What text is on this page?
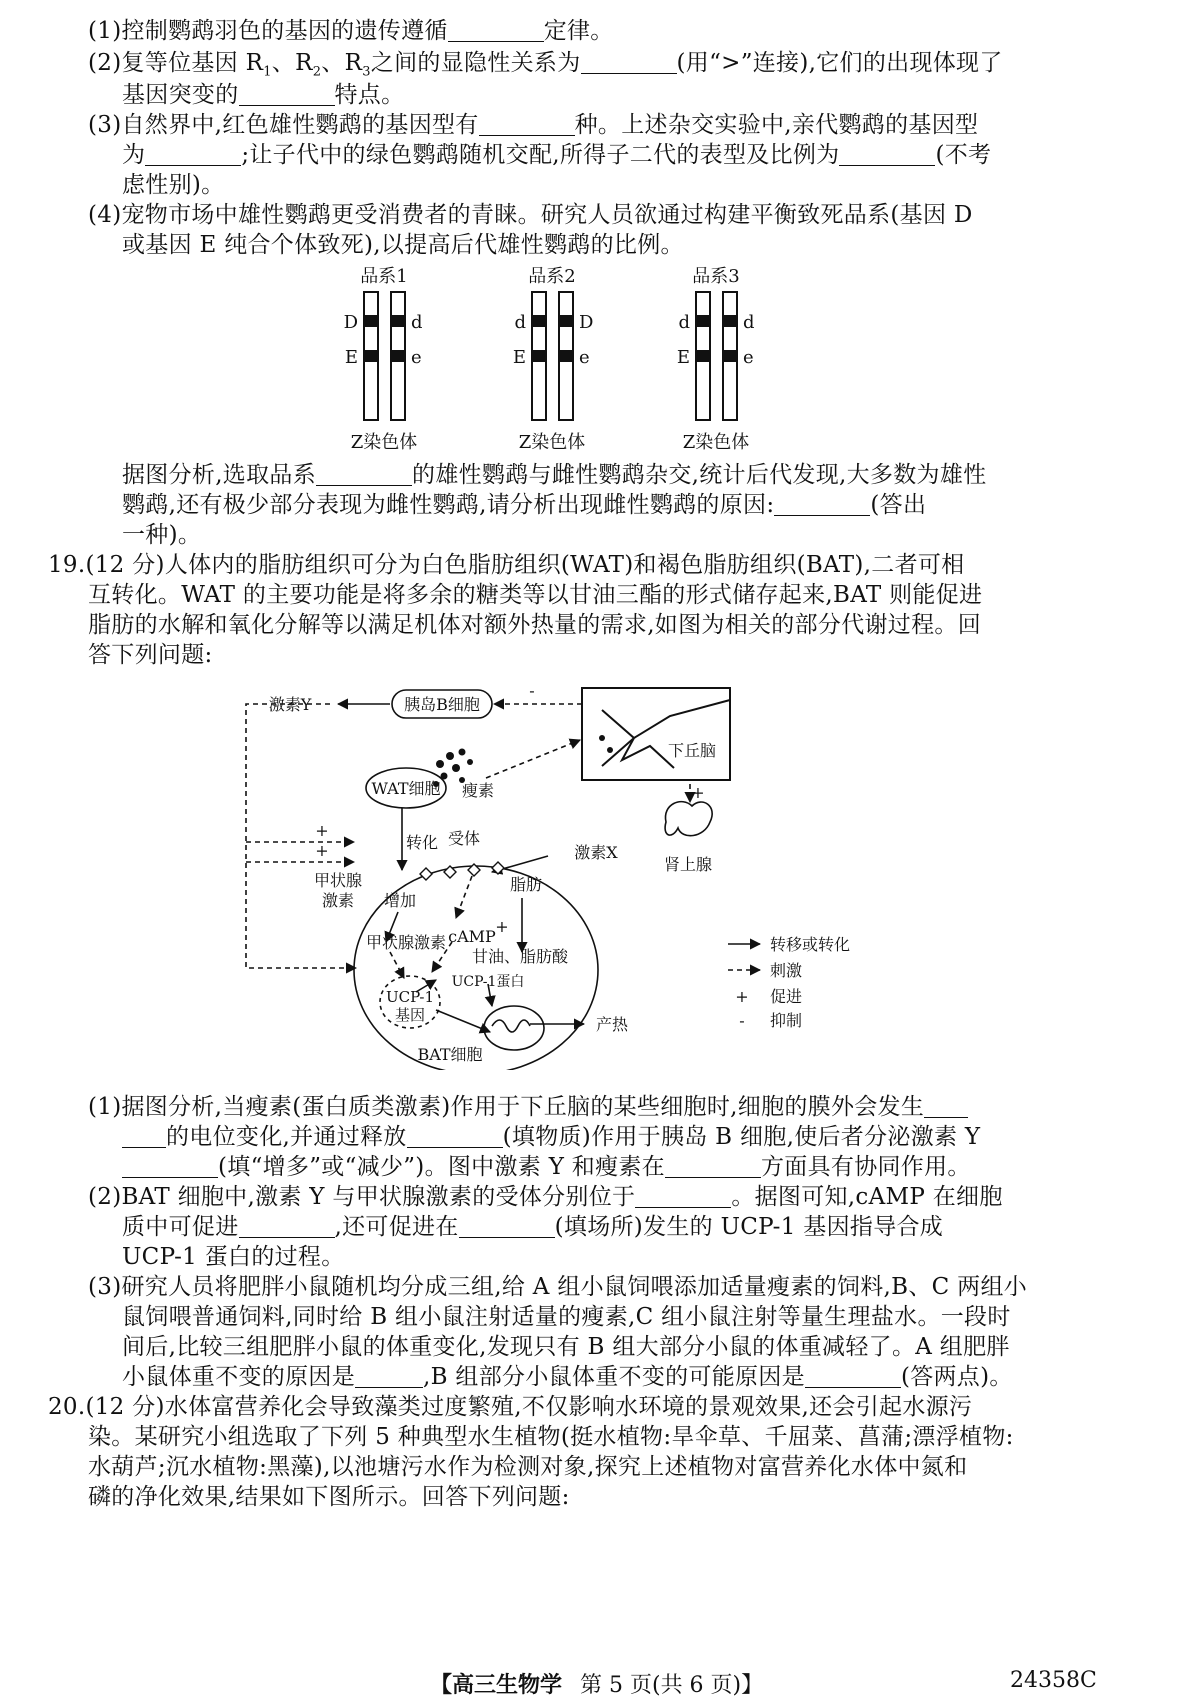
(1)控制鹦鹉羽色的基因的遗传遵循	定律。
(2)复等位基因 $R_1$、$R_2$、$R_3$之间的显隐性关系为	(用“>”连接),它们的出现体现了
基因突变的	特点。
(3)自然界中,红色雄性鹦鹉的基因型有	种。上述杂交实验中,亲代鹦鹉的基因型
为	;让子代中的绿色鹦鹉随机交配,所得子二代的表型及比例为	(不考
虑性别)。
(4)宠物市场中雄性鹦鹉更受消费者的青睐。研究人员欲通过构建平衡致死品系(基因 D
或基因 E 纯合个体致死),以提高后代雄性鹦鹉的比例。
品系1
D	d
E	e
Z染色体
品系2
d	D
E	e
Z染色体
品系3
d	d
E	e
Z染色体
据图分析,选取品系	的雄性鹦鹉与雌性鹦鹉杂交,统计后代发现,大多数为雄性
鹦鹉,还有极少部分表现为雌性鹦鹉,请分析出现雌性鹦鹉的原因:	(答出
一种)。
19.(12 分)人体内的脂肪组织可分为白色脂肪组织(WAT)和褐色脂肪组织(BAT),二者可相
互转化。WAT 的主要功能是将多余的糖类等以甘油三酯的形式储存起来,BAT 则能促进
脂肪的水解和氧化分解等以满足机体对额外热量的需求,如图为相关的部分代谢过程。回
答下列问题:
激素Y	胰岛B细胞
-
下丘脑
瘦素
WAT细胞
+
+
+
转化 受体
激素X
肾上腺
甲状腺
激素 增加
脂肪
cAMP
+
甲状腺激素
甘油、脂肪酸
UCP-1蛋白
UCP-1
基因	产热
BAT细胞
转移或转化
刺激
+ 促进
- 抑制
(1)据图分析,当瘦素(蛋白质类激素)作用于下丘脑的某些细胞时,细胞的膜外会发生
的电位变化,并通过释放	(填物质)作用于胰岛 B 细胞,使后者分泌激素 Y
(填“增多”或“减少”)。图中激素 Y 和瘦素在	方面具有协同作用。
(2)BAT 细胞中,激素 Y 与甲状腺激素的受体分别位于	。据图可知,cAMP 在细胞
质中可促进	,还可促进在	(填场所)发生的 UCP-1 基因指导合成
UCP-1 蛋白的过程。
(3)研究人员将肥胖小鼠随机均分成三组,给 A 组小鼠饲喂添加适量瘦素的饲料,B、C 两组小
鼠饲喂普通饲料,同时给 B 组小鼠注射适量的瘦素,C 组小鼠注射等量生理盐水。一段时
间后,比较三组肥胖小鼠的体重变化,发现只有 B 组大部分小鼠的体重减轻了。A 组肥胖
小鼠体重不变的原因是	,B 组部分小鼠体重不变的可能原因是	(答两点)。
20.(12 分)水体富营养化会导致藻类过度繁殖,不仅影响水环境的景观效果,还会引起水源污
染。某研究小组选取了下列 5 种典型水生植物(挺水植物:旱伞草、千屈菜、菖蒲;漂浮植物:
水葫芦;沉水植物:黑藻),以池塘污水作为检测对象,探究上述植物对富营养化水体中氮和
磷的净化效果,结果如下图所示。回答下列问题:
【高三生物学 第 5 页(共 6 页)】	24358C
